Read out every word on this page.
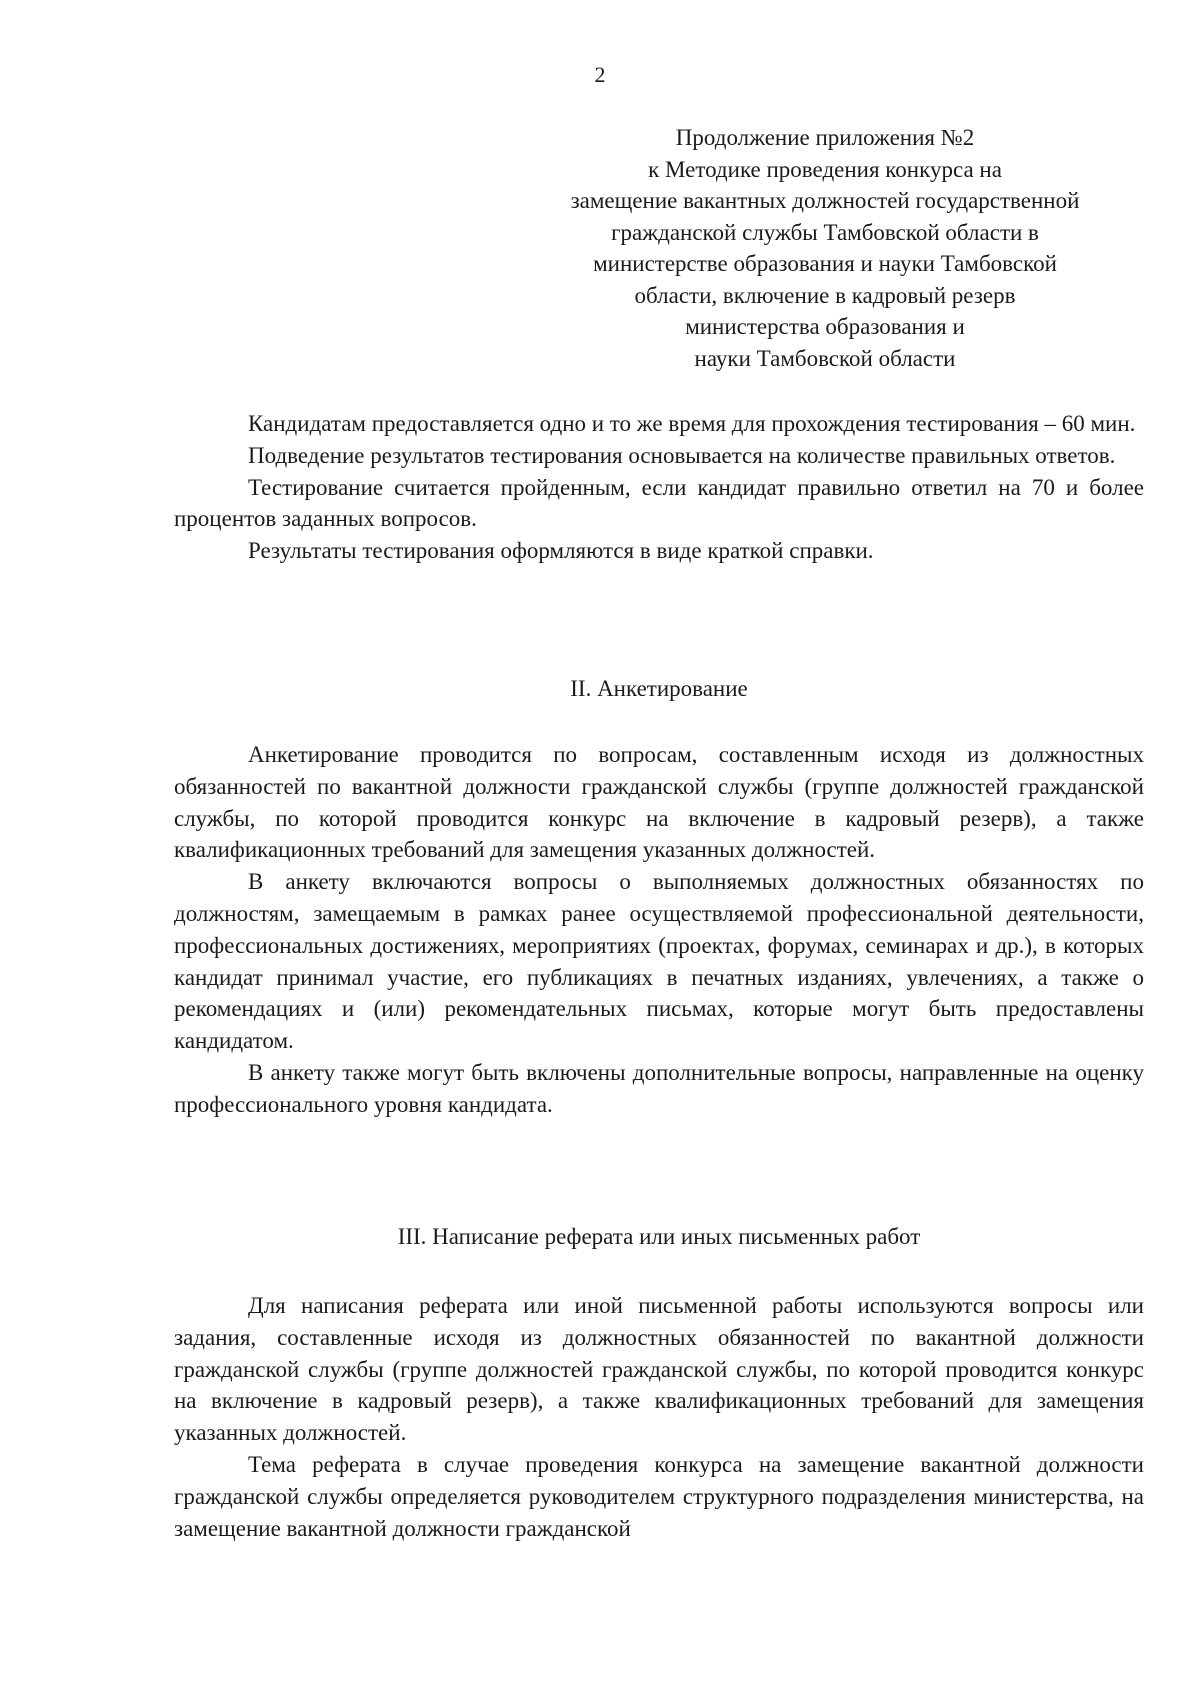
2
Продолжение приложения №2
к Методике проведения конкурса на
замещение вакантных должностей государственной
гражданской службы Тамбовской области в
министерстве образования и науки Тамбовской
области, включение в кадровый резерв
министерства образования и
науки Тамбовской области

Кандидатам предоставляется одно и то же время для прохождения тестирования – 60 мин.

Подведение результатов тестирования основывается на количестве правильных ответов.

Тестирование считается пройденным, если кандидат правильно ответил на 70 и более процентов заданных вопросов.

Результаты тестирования оформляются в виде краткой справки.

II. Анкетирование

Анкетирование проводится по вопросам, составленным исходя из должностных обязанностей по вакантной должности гражданской службы (группе должностей гражданской службы, по которой проводится конкурс на включение в кадровый резерв), а также квалификационных требований для замещения указанных должностей.

В анкету включаются вопросы о выполняемых должностных обязанностях по должностям, замещаемым в рамках ранее осуществляемой профессиональной деятельности, профессиональных достижениях, мероприятиях (проектах, форумах, семинарах и др.), в которых кандидат принимал участие, его публикациях в печатных изданиях, увлечениях, а также о рекомендациях и (или) рекомендательных письмах, которые могут быть предоставлены кандидатом.

В анкету также могут быть включены дополнительные вопросы, направленные на оценку профессионального уровня кандидата.

III. Написание реферата или иных письменных работ

Для написания реферата или иной письменной работы используются вопросы или задания, составленные исходя из должностных обязанностей по вакантной должности гражданской службы (группе должностей гражданской службы, по которой проводится конкурс на включение в кадровый резерв), а также квалификационных требований для замещения указанных должностей.

Тема реферата в случае проведения конкурса на замещение вакантной должности гражданской службы определяется руководителем структурного подразделения министерства, на замещение вакантной должности гражданской
